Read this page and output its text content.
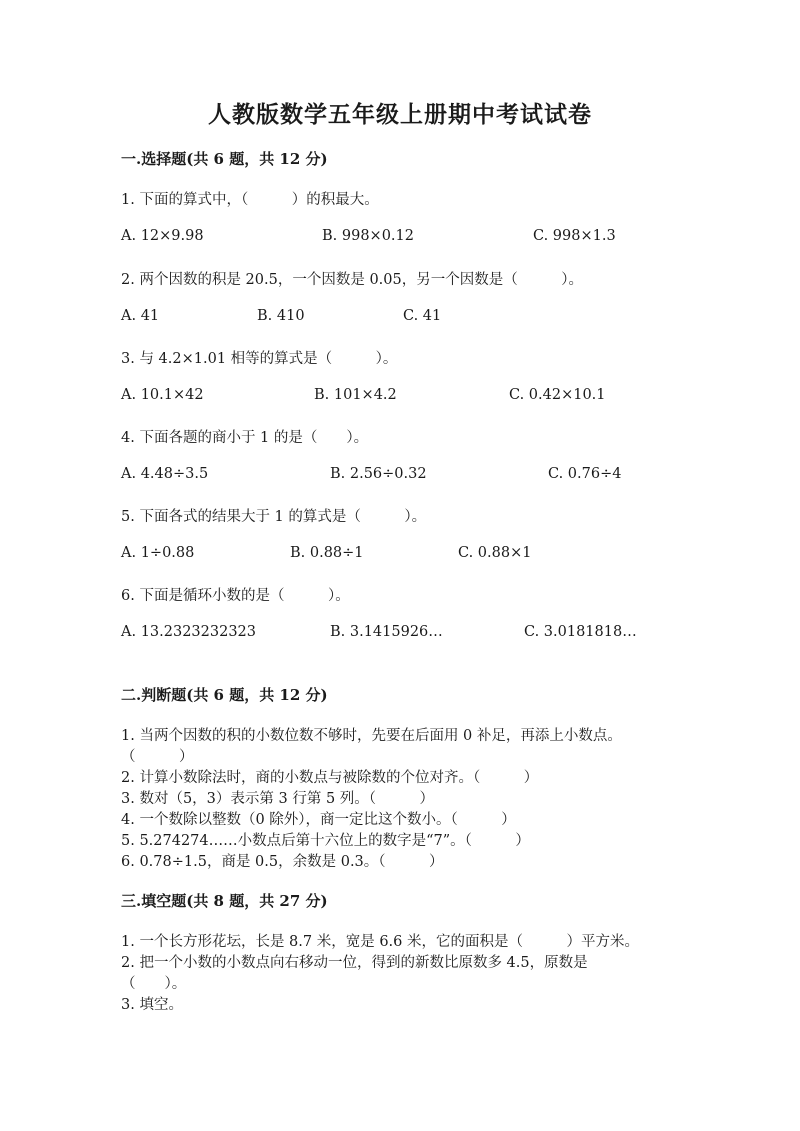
人教版数学五年级上册期中考试试卷
一.选择题(共 6 题，共 12 分)
1. 下面的算式中，（　　　）的积最大。
A. 12×9.98	B. 998×0.12	C. 998×1.3
2. 两个因数的积是 20.5，一个因数是 0.05，另一个因数是（　　　）。
A. 41	B. 410	C. 41
3. 与 4.2×1.01 相等的算式是（　　　）。
A. 10.1×42	B. 101×4.2	C. 0.42×10.1
4. 下面各题的商小于 1 的是（　　）。
A. 4.48÷3.5	B. 2.56÷0.32	C. 0.76÷4
5. 下面各式的结果大于 1 的算式是（　　　）。
A. 1÷0.88	B. 0.88÷1	C. 0.88×1
6. 下面是循环小数的是（　　　）。
A. 13.2323232323	B. 3.1415926…	C. 3.0181818…
二.判断题(共 6 题，共 12 分)
1. 当两个因数的积的小数位数不够时，先要在后面用 0 补足，再添上小数点。
（　　　）
2. 计算小数除法时，商的小数点与被除数的个位对齐。（　　　）
3. 数对（5，3）表示第 3 行第 5 列。（　　　）
4. 一个数除以整数（0 除外），商一定比这个数小。（　　　）
5. 5.274274……小数点后第十六位上的数字是“7”。（　　　）
6. 0.78÷1.5，商是 0.5，余数是 0.3。（　　　）
三.填空题(共 8 题，共 27 分)
1. 一个长方形花坛，长是 8.7 米，宽是 6.6 米，它的面积是（　　　）平方米。
2. 把一个小数的小数点向右移动一位，得到的新数比原数多 4.5，原数是
（　　）。
3. 填空。
